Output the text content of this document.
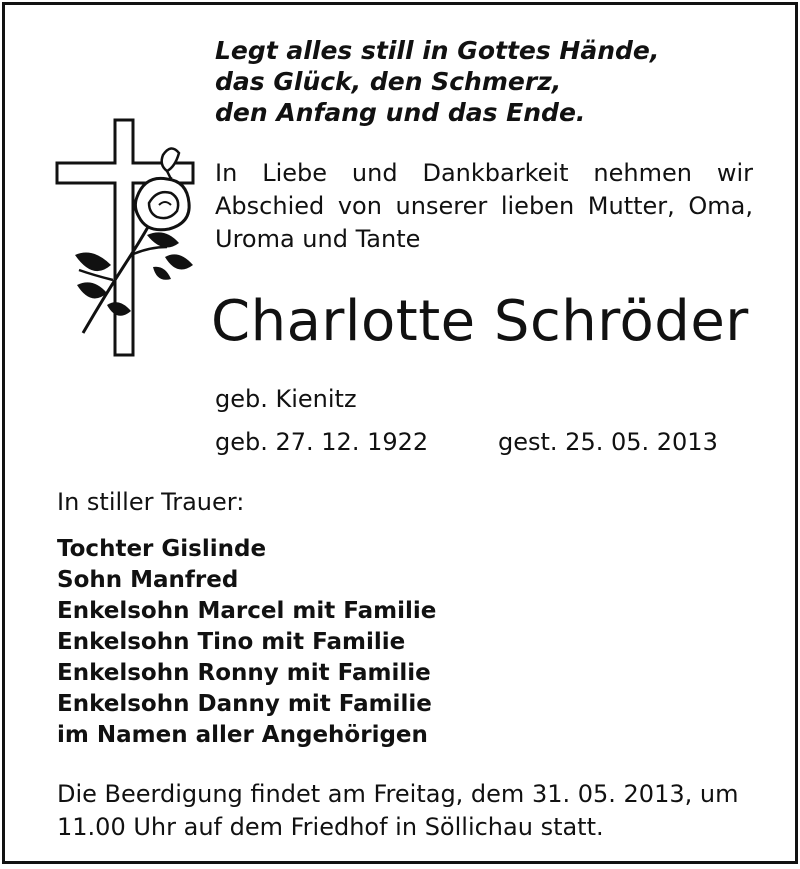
Legt alles still in Gottes Hände,
das Glück, den Schmerz,
den Anfang und das Ende.
In Liebe und Dankbarkeit nehmen wir
Abschied von unserer lieben Mutter, Oma,
Uroma und Tante
Charlotte Schröder
geb. Kienitz
geb. 27. 12. 1922	gest. 25. 05. 2013
In stiller Trauer:
Tochter Gislinde
Sohn Manfred
Enkelsohn Marcel mit Familie
Enkelsohn Tino mit Familie
Enkelsohn Ronny mit Familie
Enkelsohn Danny mit Familie
im Namen aller Angehörigen
Die Beerdigung findet am Freitag, dem 31. 05. 2013, um
11.00 Uhr auf dem Friedhof in Söllichau statt.
